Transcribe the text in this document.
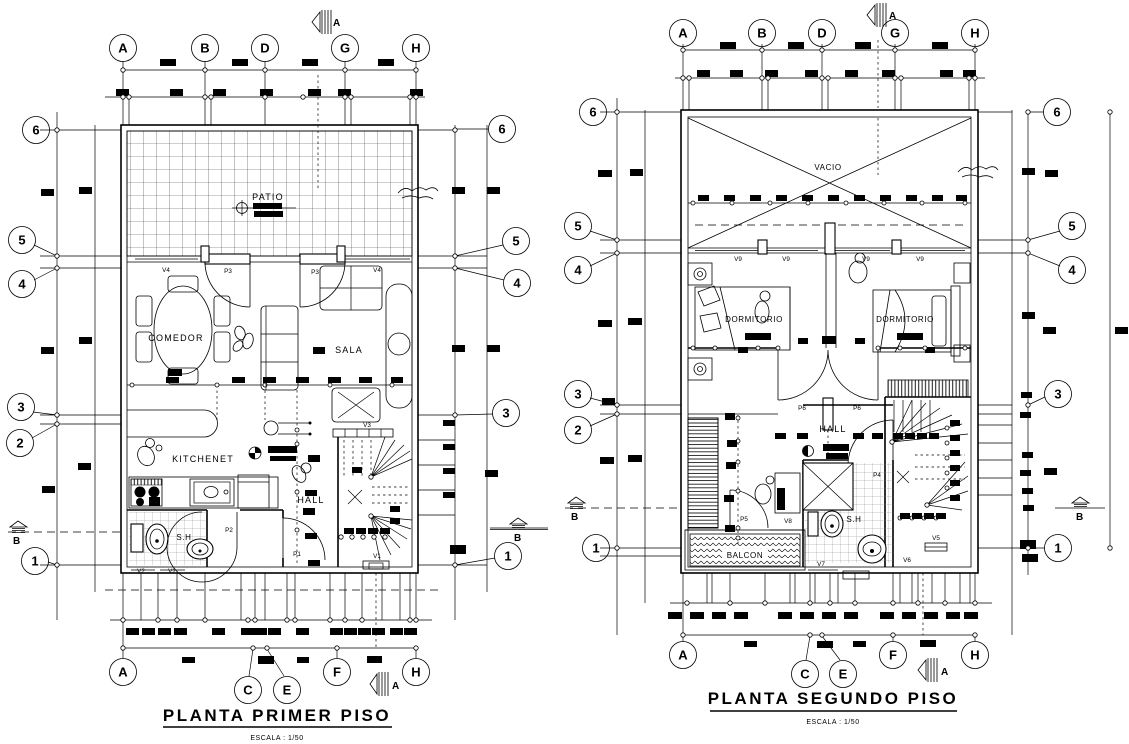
A	B	D	G	H
A
C E
F	H
6
5
4
3
2
1
6
5
4
3
1
A
A
B	B
PATIO
COMEDOR
SALA
KITCHENET
HALL
S.H
V4	P3	P3	V4
V3
V2	V2
P2
P1	V1
PLANTA PRIMER PISO
ESCALA : 1/50
A	B	D	G	H
A
C E
F	H
6
5
4
3
2
1
6
5
4
3
1
A
A
B	B
VACIO
DORMITORIO	DORMITORIO
HALL
S.H
BALCON
V9	V9	V9	V9
P6	P6
P4
P5	V8
V7
V6
V5
PLANTA SEGUNDO PISO
ESCALA : 1/50
